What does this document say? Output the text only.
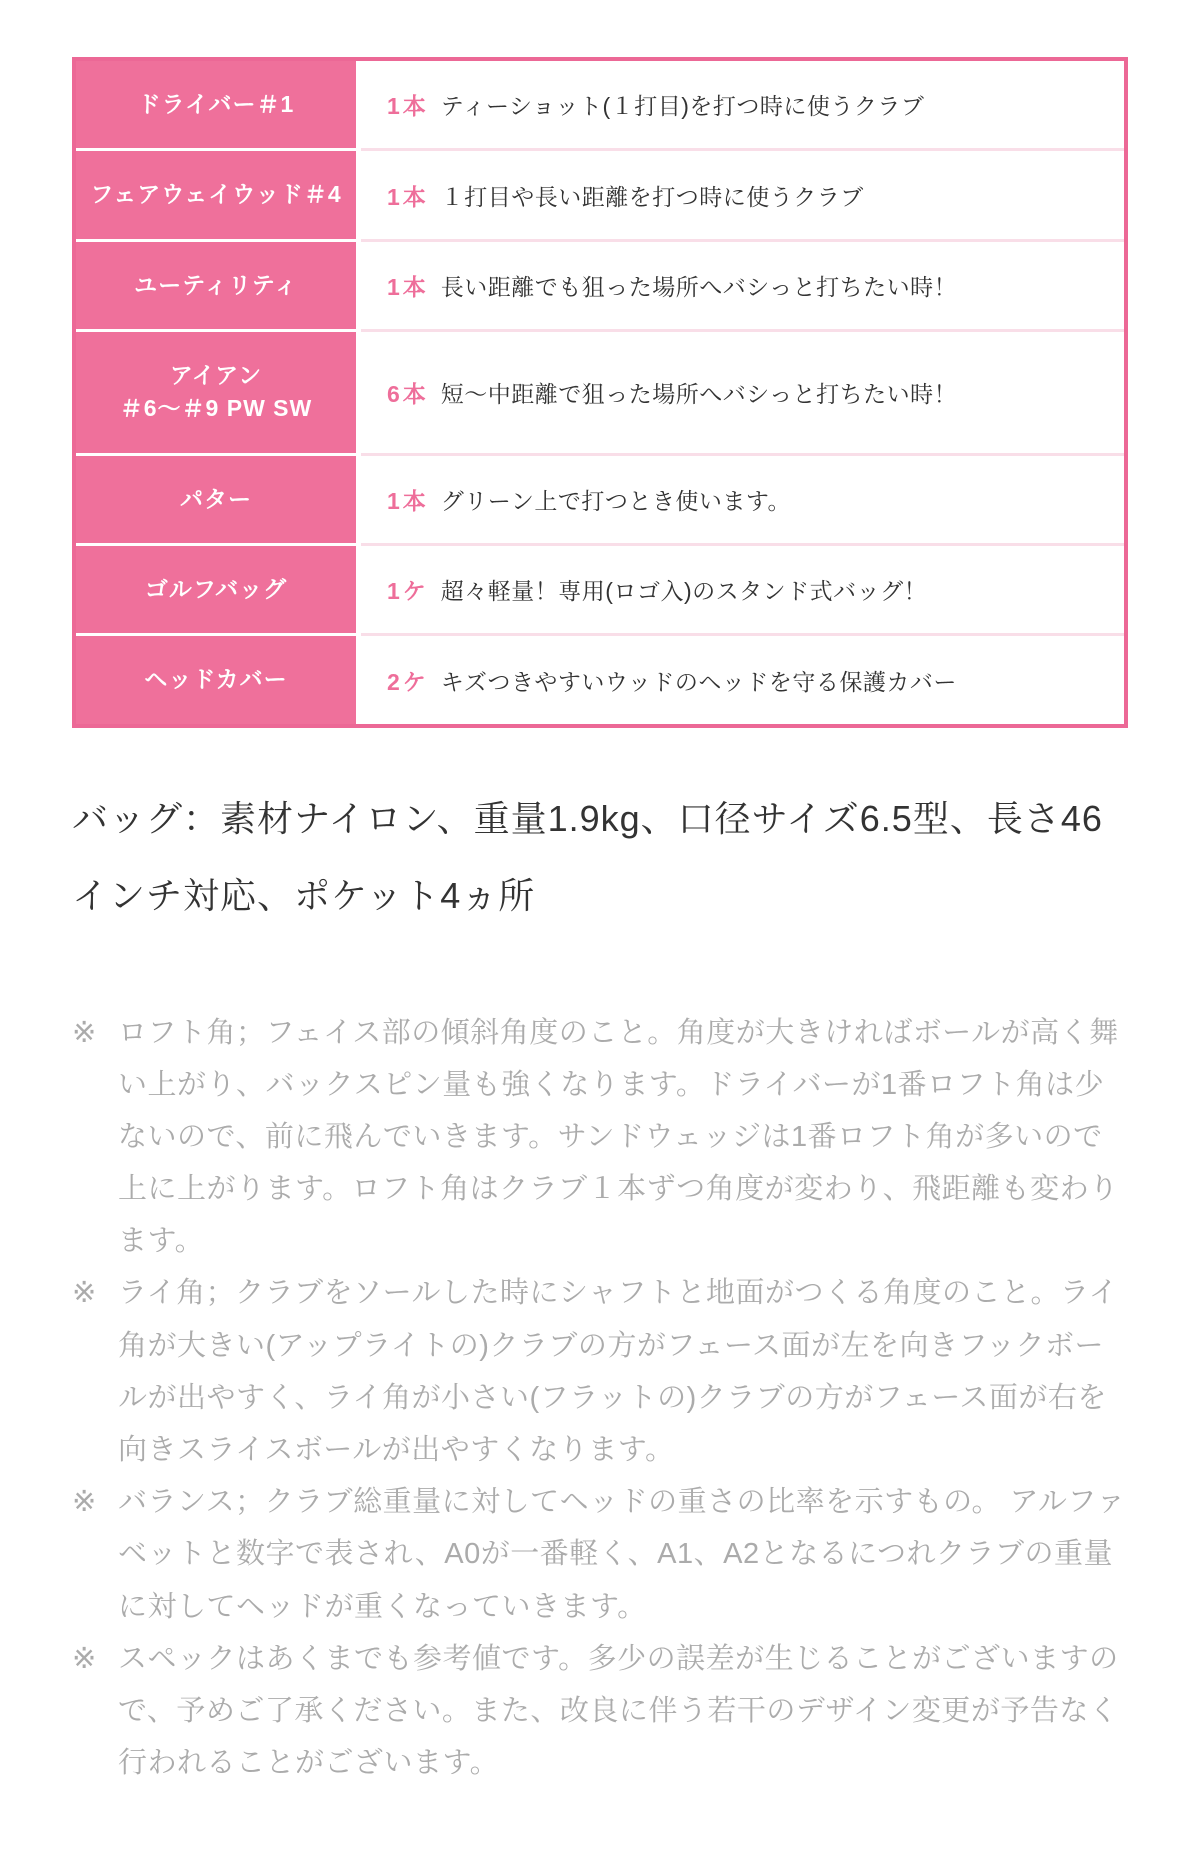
ドライバー＃1	1本 ティーショット(１打目)を打つ時に使うクラブ

フェアウェイウッド＃4	1本 １打目や長い距離を打つ時に使うクラブ

ユーティリティ	1本 長い距離でも狙った場所へバシっと打ちたい時！

アイアン
＃6～＃9 PW SW	6本 短～中距離で狙った場所へバシっと打ちたい時！

パター	1本 グリーン上で打つとき使います。

ゴルフバッグ	1ケ 超々軽量！専用(ロゴ入)のスタンド式バッグ！

ヘッドカバー	2ケ キズつきやすいウッドのヘッドを守る保護カバー

バッグ：素材ナイロン、重量1.9kg、口径サイズ6.5型、長さ46インチ対応、ポケット4ヵ所

※ ロフト角；フェイス部の傾斜角度のこと。角度が大きければボールが高く舞い上がり、バックスピン量も強くなります。ドライバーが1番ロフト角は少ないので、前に飛んでいきます。サンドウェッジは1番ロフト角が多いので上に上がります。ロフト角はクラブ１本ずつ角度が変わり、飛距離も変わります。
※ ライ角；クラブをソールした時にシャフトと地面がつくる角度のこと。ライ角が大きい(アップライトの)クラブの方がフェース面が左を向きフックボールが出やすく、ライ角が小さい(フラットの)クラブの方がフェース面が右を向きスライスボールが出やすくなります。
※ バランス；クラブ総重量に対してヘッドの重さの比率を示すもの。 アルファベットと数字で表され、A0が一番軽く、A1、A2となるにつれクラブの重量に対してヘッドが重くなっていきます。
※ スペックはあくまでも参考値です。多少の誤差が生じることがございますので、予めご了承ください。また、改良に伴う若干のデザイン変更が予告なく行われることがございます。
